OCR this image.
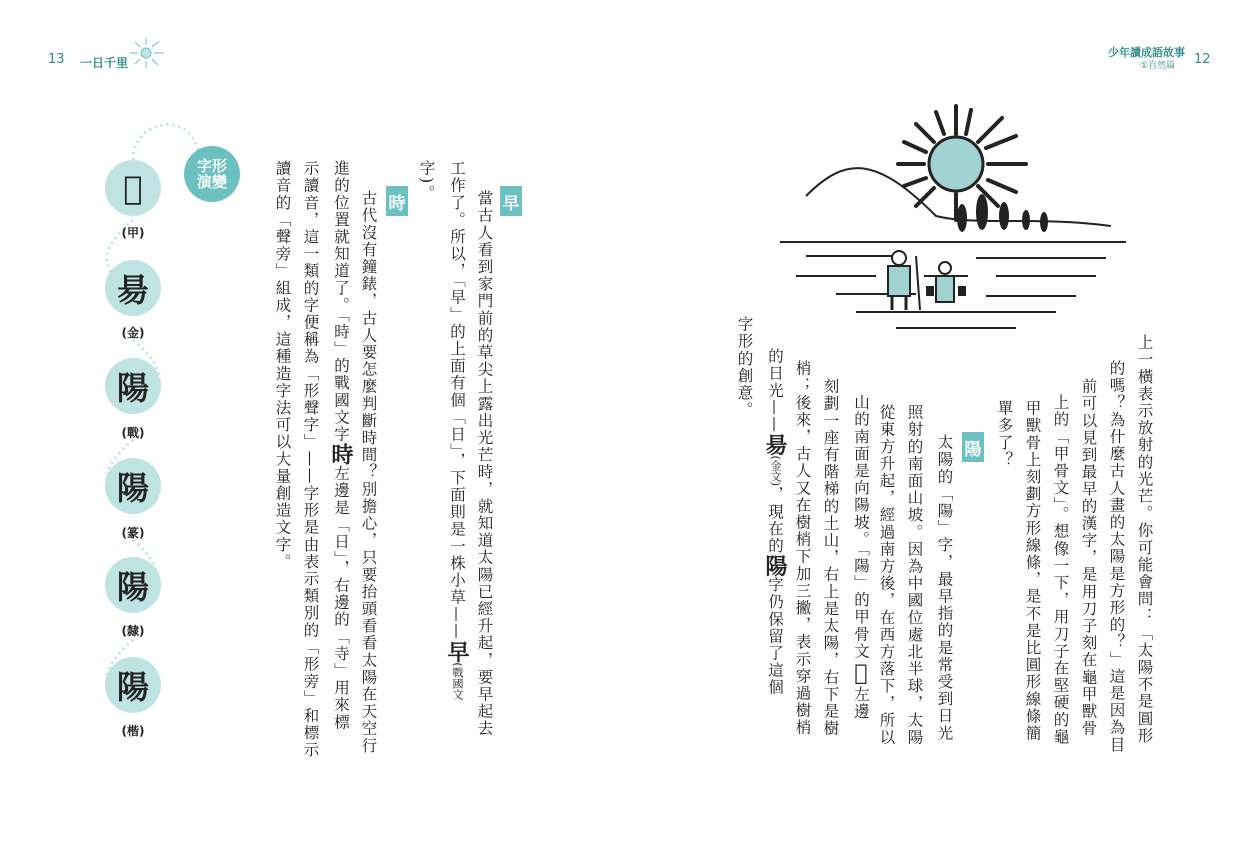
13 一日千里
少年讀成語故事
①自然篇 12
字形演變
𤈇
(甲)
昜
(金)
陽
(戰)
陽
(篆)
陽
(隸)
陽
(楷)
早
當古人看到家門前的草尖上露出光芒時，就知道太陽已經升起，要早起去
工作了。所以，「早」的上面有個「日」，下面則是一株小草——早(戰國文
字)。
時
古代沒有鐘錶，古人要怎麼判斷時間？別擔心，只要抬頭看看太陽在天空行
進的位置就知道了。「時」的戰國文字時左邊是「日」，右邊的「寺」用來標
示讀音，這一類的字便稱為「形聲字」——字形是由表示類別的「形旁」和標示
讀音的「聲旁」組成，這種造字法可以大量創造文字。	上一橫表示放射的光芒。你可能會問：「太陽不是圓形
的嗎？為什麼古人畫的太陽是方形的？」這是因為目
前可以見到最早的漢字，是用刀子刻在龜甲獸骨
上的「甲骨文」。想像一下，用刀子在堅硬的龜
甲獸骨上刻劃方形線條，是不是比圓形線條簡
單多了？
陽
太陽的「陽」字，最早指的是常受到日光
照射的南面山坡。因為中國位處北半球，太陽
從東方升起，經過南方後，在西方落下，所以
山的南面是向陽坡。「陽」的甲骨文𤈇左邊
刻劃一座有階梯的土山，右上是太陽，右下是樹
梢；後來，古人又在樹梢下加三撇，表示穿過樹梢
的日光——昜(金文)，現在的陽字仍保留了這個
字形的創意。
